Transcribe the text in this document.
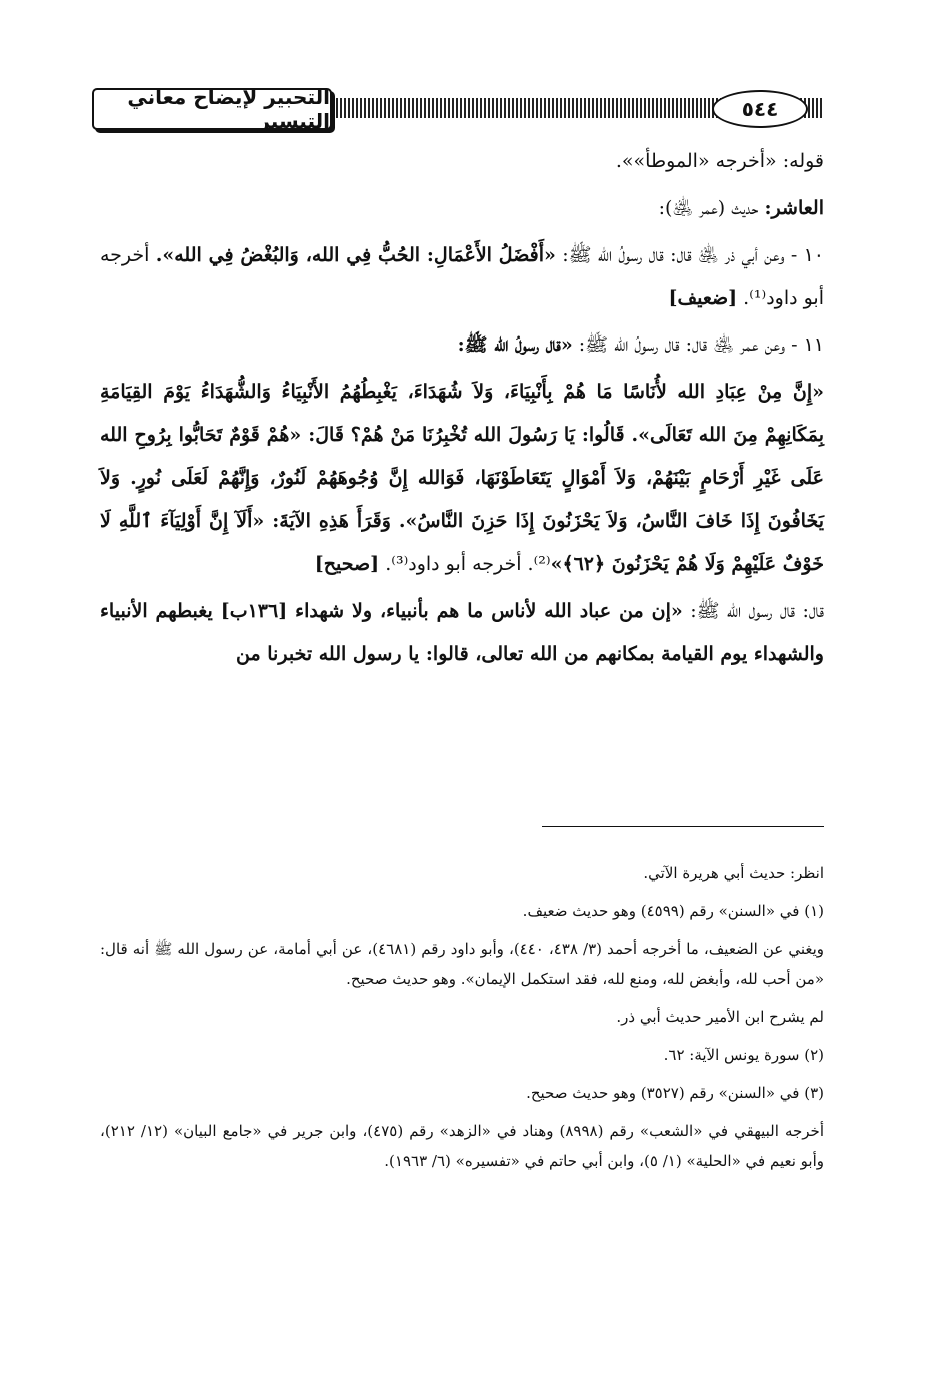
التحبير لإيضاح معاني التيسير	٥٤٤

قوله: «أخرجه «الموطأ»».

العاشر: حديث (عمر ﵁):

١٠ - وعن أبي ذر ﵁ قال: قال رسولُ الله ﷺ: «أَفْضَلُ الأَعْمَالِ: الحُبُّ فِي الله، وَالبُغْضُ فِي الله». أخرجه أبو داود⁽¹⁾. [ضعيف]

١١ - وعن عمر ﵁ قال: قال رسولُ الله ﷺ: «قال رسولُ الله ﷺ:

«إِنَّ مِنْ عِبَادِ الله لأُنَاسًا مَا هُمْ بِأَنْبِيَاءَ، وَلاَ شُهَدَاءَ، يَغْبِطُهُمُ الأَنْبِيَاءُ وَالشُّهَدَاءُ يَوْمَ القِيَامَةِ بِمَكَانِهِمْ مِنَ الله تَعَالَى». قَالُوا: يَا رَسُولَ الله تُخْبِرُنَا مَنْ هُمْ؟ قَالَ: «هُمْ قَوْمٌ تَحَابُّوا بِرُوحِ الله عَلَى غَيْرِ أَرْحَامٍ بَيْنَهُمْ، وَلاَ أَمْوَالٍ يَتَعَاطَوْنَهَا، فَوَالله إِنَّ وُجُوهَهُمْ لَنُورٌ، وَإِنَّهُمْ لَعَلَى نُورٍ. وَلاَ يَخَافُونَ إِذَا خَافَ النَّاسُ، وَلاَ يَحْزَنُونَ إِذَا حَزِنَ النَّاسُ». وَقَرَأَ هَذِهِ الآيَةَ: «أَلَآ إِنَّ أَوْلِيَآءَ ٱللَّهِ لَا خَوْفٌ عَلَيْهِمْ وَلَا هُمْ يَحْزَنُونَ ﴿٦٢﴾»⁽²⁾. أخرجه أبو داود⁽³⁾. [صحيح]

قال: قال رسول الله ﷺ: «إن من عباد الله لأناس ما هم بأنبياء، ولا شهداء [١٣٦ب] يغبطهم الأنبياء والشهداء يوم القيامة بمكانهم من الله تعالى، قالوا: يا رسول الله تخبرنا من

انظر: حديث أبي هريرة الآتي.

(١) في «السنن» رقم (٤٥٩٩) وهو حديث ضعيف.

ويغني عن الضعيف، ما أخرجه أحمد (٣/ ٤٣٨، ٤٤٠)، وأبو داود رقم (٤٦٨١)، عن أبي أمامة، عن رسول الله ﷺ أنه قال: «من أحب لله، وأبغض لله، ومنع لله، فقد استكمل الإيمان». وهو حديث صحيح.

لم يشرح ابن الأمير حديث أبي ذر.

(٢) سورة يونس الآية: ٦٢.

(٣) في «السنن» رقم (٣٥٢٧) وهو حديث صحيح.

أخرجه البيهقي في «الشعب» رقم (٨٩٩٨) وهناد في «الزهد» رقم (٤٧٥)، وابن جرير في «جامع البيان» (١٢/ ٢١٢)، وأبو نعيم في «الحلية» (١/ ٥)، وابن أبي حاتم في «تفسيره» (٦/ ١٩٦٣).
